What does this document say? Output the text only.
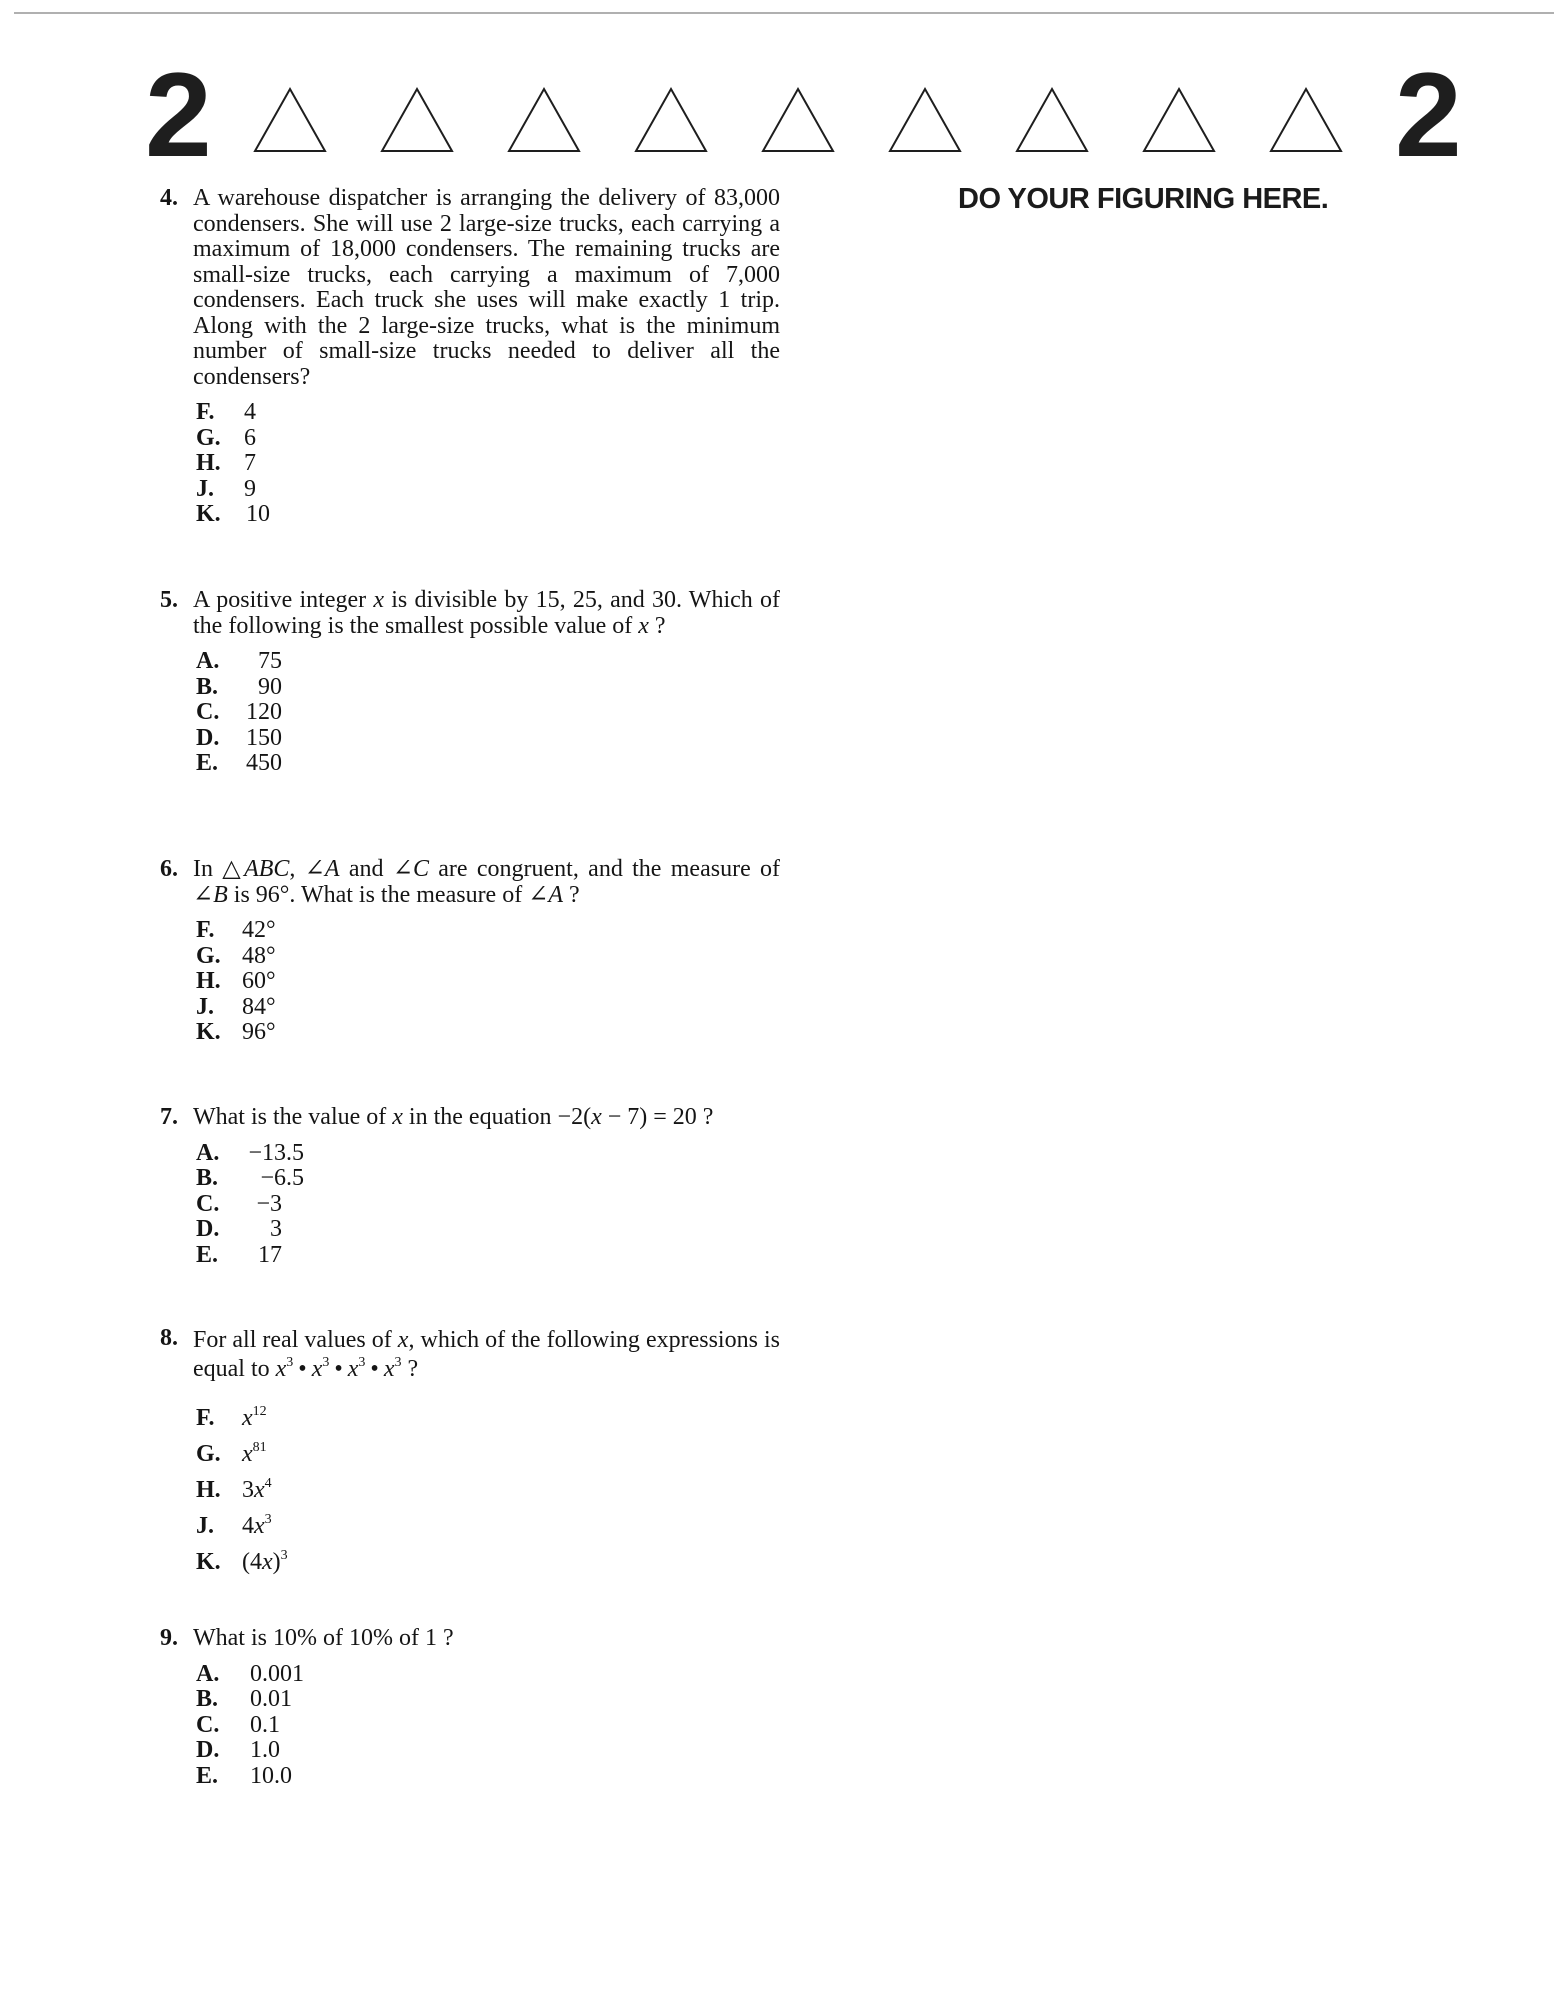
2	2
DO YOUR FIGURING HERE.
4. A warehouse dispatcher is arranging the delivery of 83,000 condensers. She will use 2 large-size trucks, each carrying a maximum of 18,000 condensers. The remaining trucks are small-size trucks, each carrying a maximum of 7,000 condensers. Each truck she uses will make exactly 1 trip. Along with the 2 large-size trucks, what is the minimum number of small-size trucks needed to deliver all the condensers?
F.	4
G. 6
H. 7
J.	9
K.	10
5. A positive integer x is divisible by 15, 25, and 30. Which of the following is the smallest possible value of x ?
A.	75
B.	90
C.	120
D.	150
E.	450
6. In △ABC, ∠A and ∠C are congruent, and the measure of ∠B is 96°. What is the measure of ∠A ?
F.	42°
G. 48°
H. 60°
J.	84°
K. 96°
7. What is the value of x in the equation −2(x − 7) = 20 ?
A.	−13.5
B.	−6.5
C.	−3
D.	3
E.	17
8. For all real values of x, which of the following expressions is equal to $x^3$ • $x^3$ • $x^3$ • $x^3$ ?
F.	$x^{12}$
G. $x^{81}$
H. $3x^4$
J.	$4x^3$
K. $(4x)^3$
9. What is 10% of 10% of 1 ?
A.	0.001
B.	0.01
C.	0.1
D.	1.0
E.	10.0
